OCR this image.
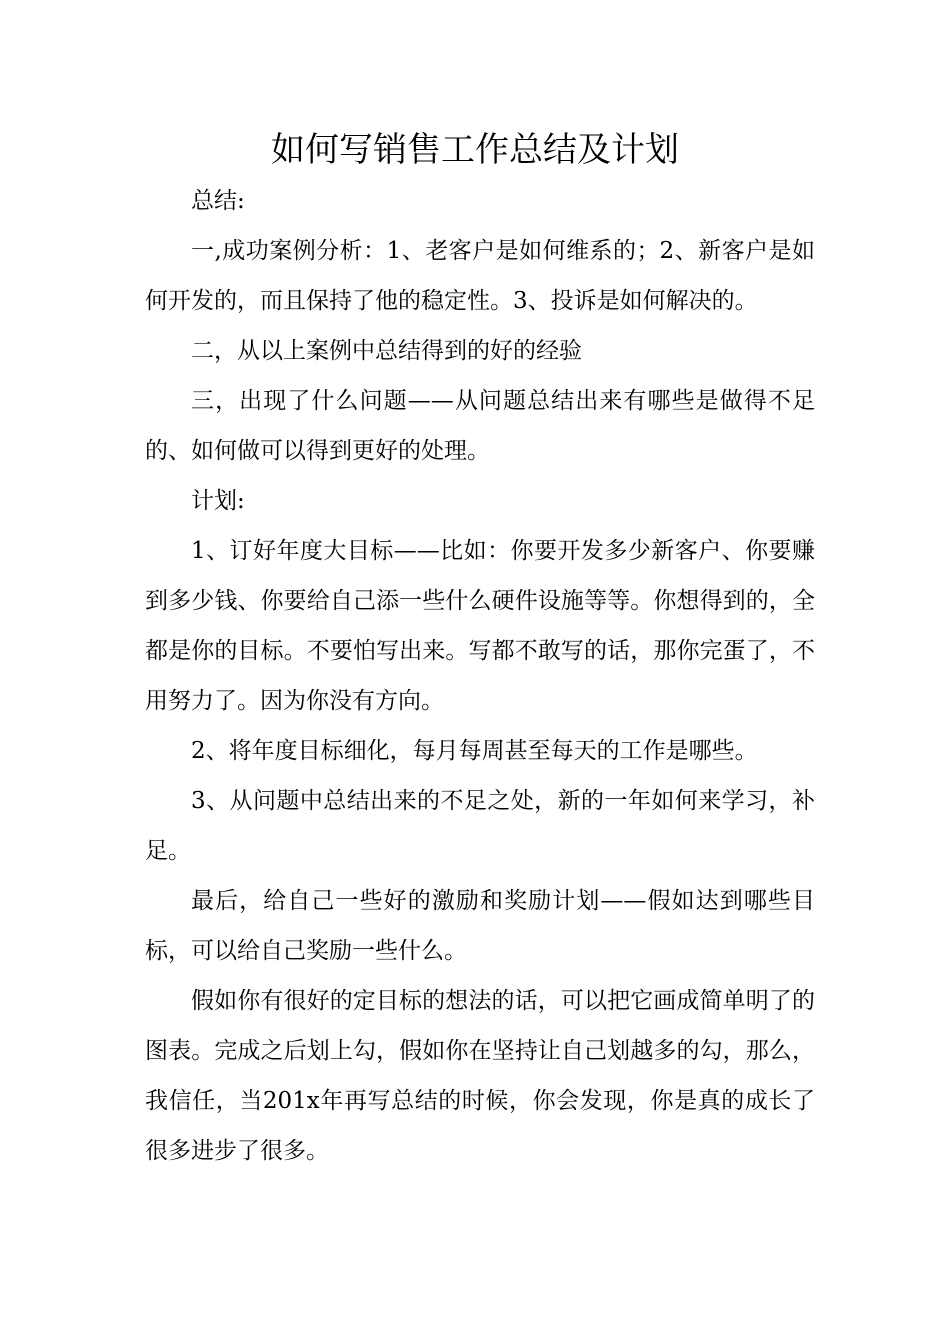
如何写销售工作总结及计划

总结:

一,成功案例分析：1、老客户是如何维系的；2、新客户是如何开发的，而且保持了他的稳定性。3、投诉是如何解决的。

二，从以上案例中总结得到的好的经验

三，出现了什么问题——从问题总结出来有哪些是做得不足的、如何做可以得到更好的处理。

计划:

1、订好年度大目标——比如：你要开发多少新客户、你要赚到多少钱、你要给自己添一些什么硬件设施等等。你想得到的，全都是你的目标。不要怕写出来。写都不敢写的话，那你完蛋了，不用努力了。因为你没有方向。

2、将年度目标细化，每月每周甚至每天的工作是哪些。

3、从问题中总结出来的不足之处，新的一年如何来学习，补足。

最后，给自己一些好的激励和奖励计划——假如达到哪些目标，可以给自己奖励一些什么。

假如你有很好的定目标的想法的话，可以把它画成简单明了的图表。完成之后划上勾，假如你在坚持让自己划越多的勾，那么，我信任，当201x年再写总结的时候，你会发现，你是真的成长了很多进步了很多。
